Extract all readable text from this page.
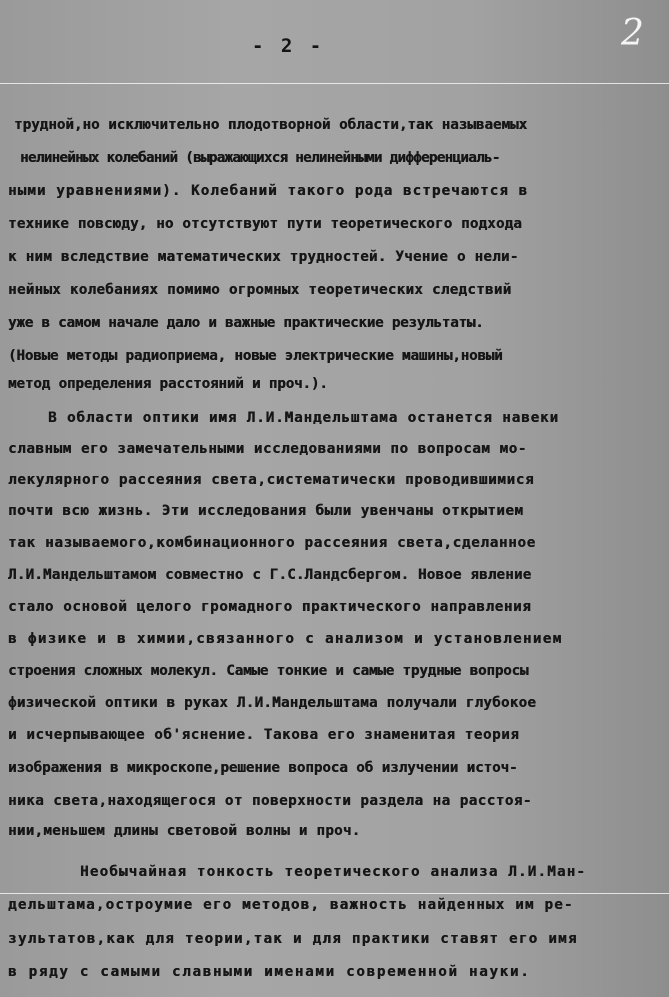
- 2 -	2

трудной,но исключительно плодотворной области,так называемых

нелинейных колебаний (выражающихся нелинейными дифференциаль-

ными уравнениями). Колебаний такого рода встречаются в

технике повсюду, но отсутствуют пути теоретического подхода

к ним вследствие математических трудностей. Учение о нели-

нейных колебаниях помимо огромных теоретических следствий

уже в самом начале дало и важные практические результаты.

(Новые методы радиоприема, новые электрические машины,новый

метод определения расстояний и проч.).

В области оптики имя Л.И.Мандельштама останется навеки

славным его замечательными исследованиями по вопросам мо-

лекулярного рассеяния света,систематически проводившимися

почти всю жизнь. Эти исследования были увенчаны открытием

так называемого,комбинационного рассеяния света,сделанное

Л.И.Мандельштамом совместно с Г.С.Ландсбергом. Новое явление

стало основой целого громадного практического направления

в физике и в химии,связанного с анализом и установлением

строения сложных молекул. Самые тонкие и самые трудные вопросы

физической оптики в руках Л.И.Мандельштама получали глубокое

и исчерпывающее об'яснение. Такова его знаменитая теория

изображения в микроскопе,решение вопроса об излучении источ-

ника света,находящегося от поверхности раздела на расстоя-

нии,меньшем длины световой волны и проч.

Необычайная тонкость теоретического анализа Л.И.Ман-

дельштама,остроумие его методов, важность найденных им ре-

зультатов,как для теории,так и для практики ставят его имя

в ряду с самыми славными именами современной науки.
